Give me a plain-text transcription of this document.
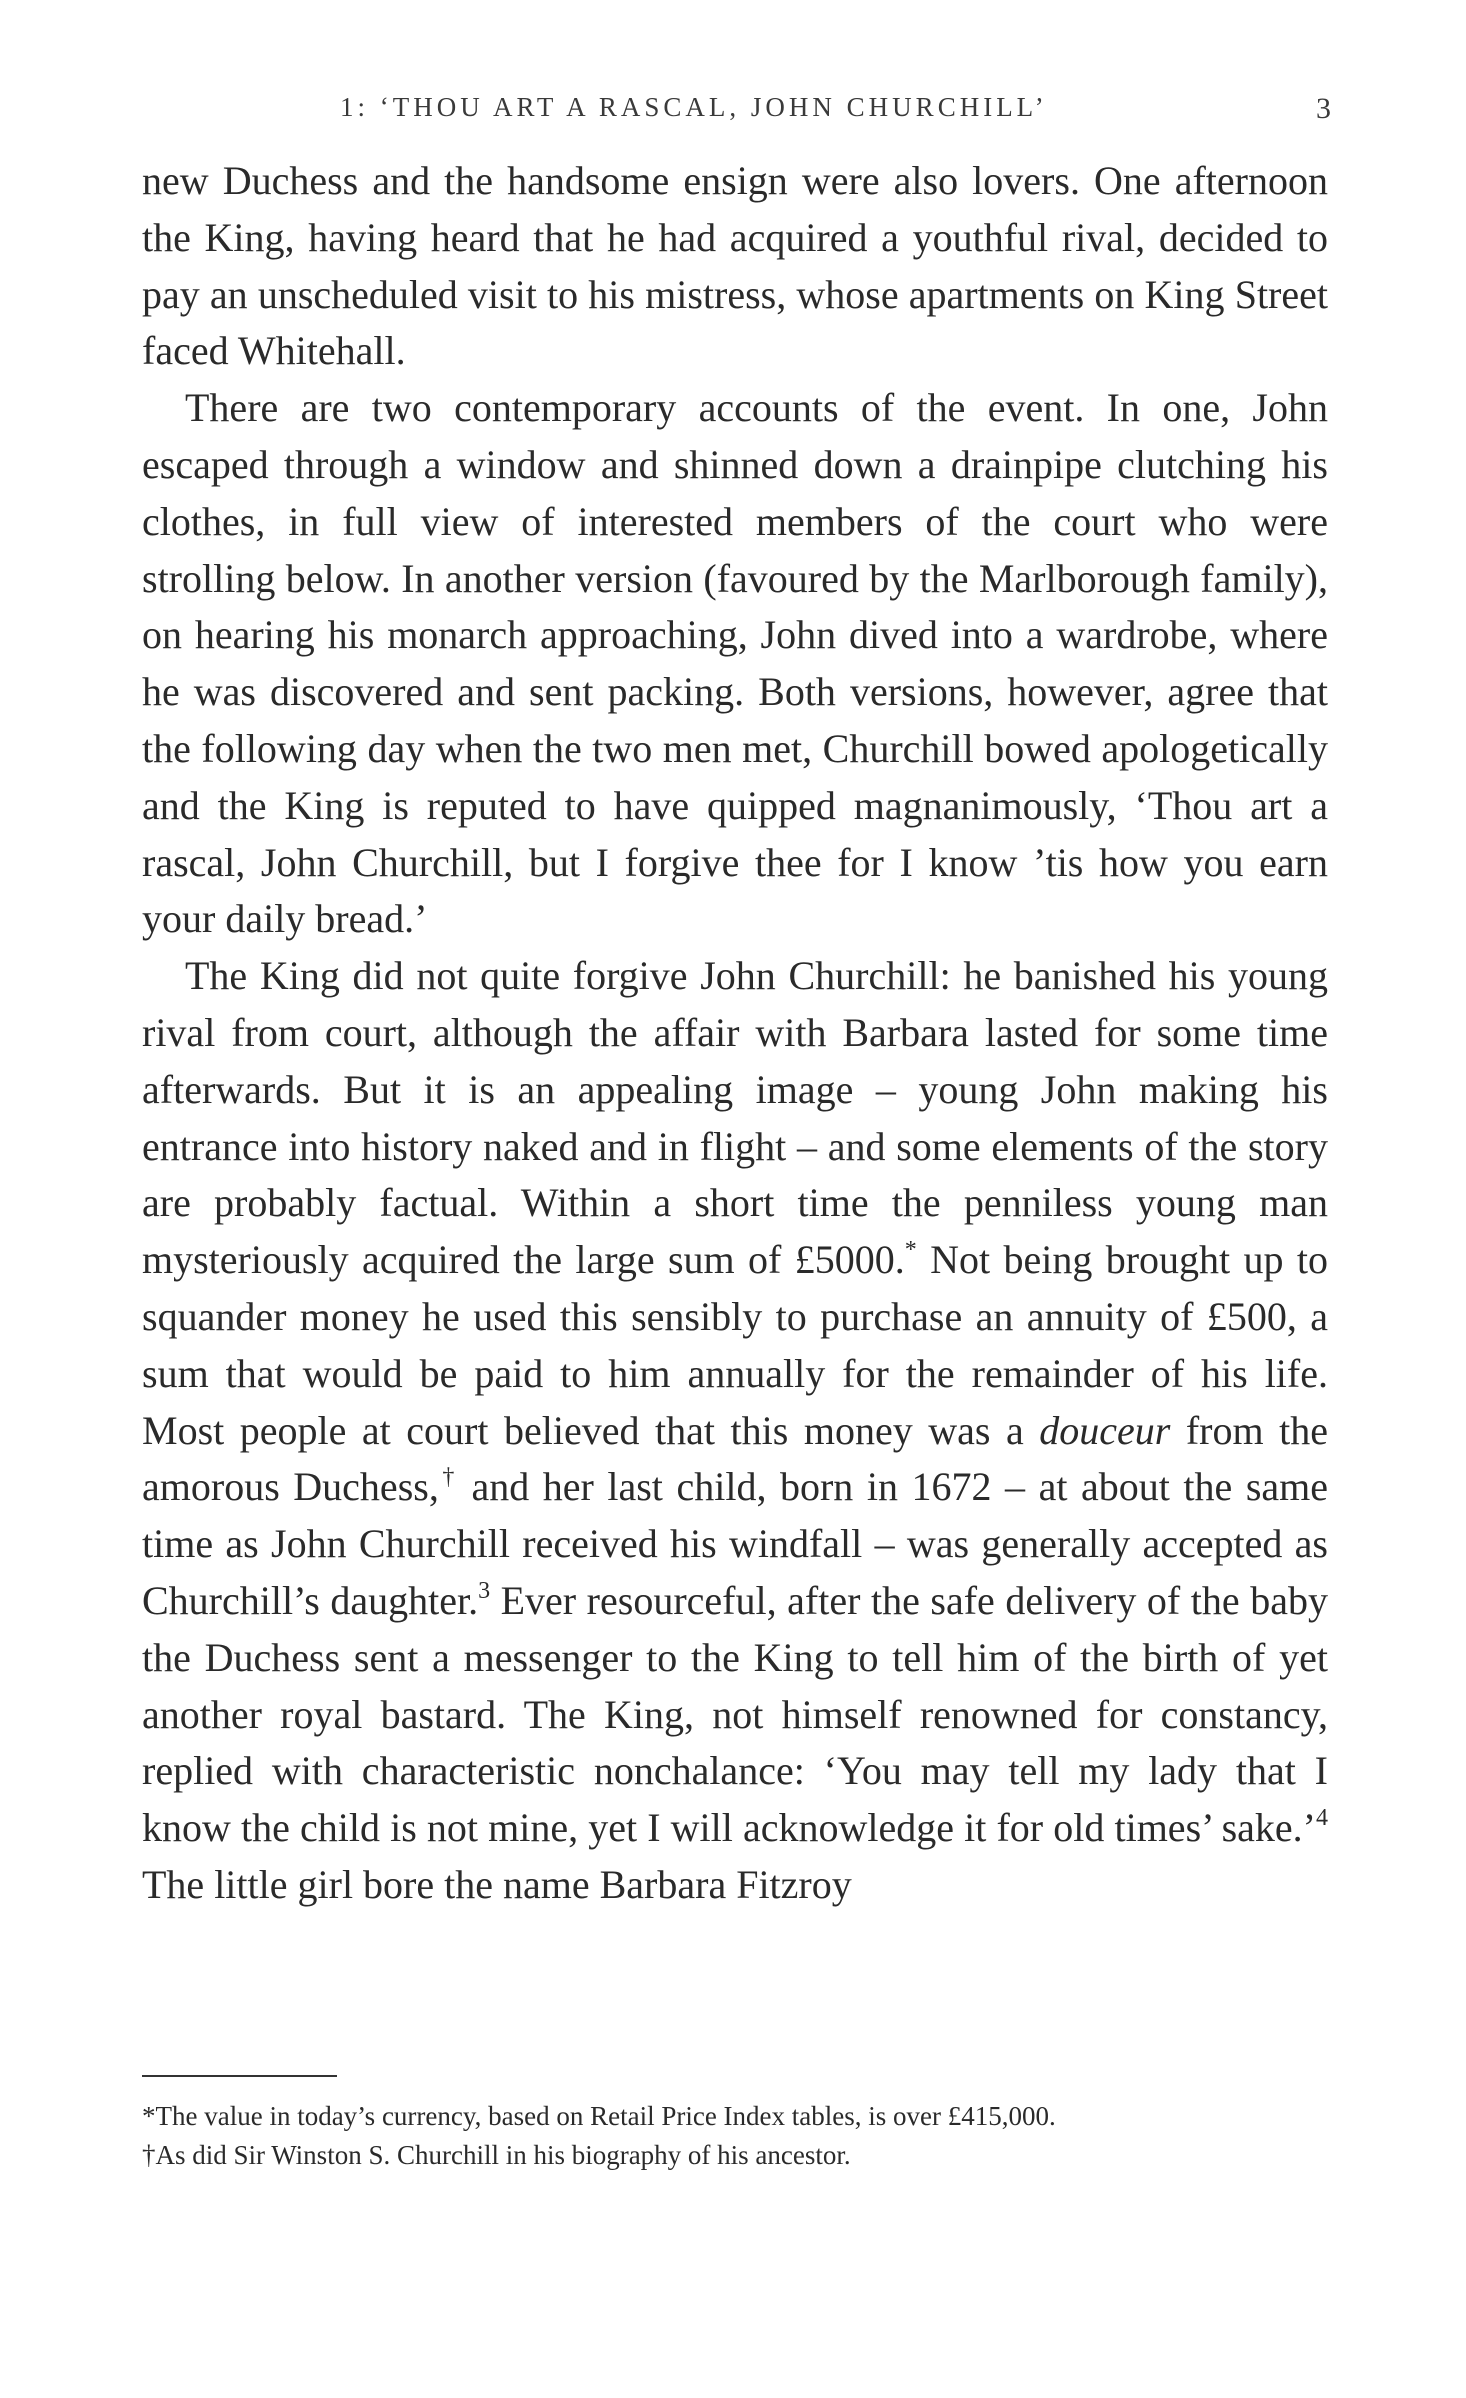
1: ‘THOU ART A RASCAL, JOHN CHURCHILL’	3

new Duchess and the handsome ensign were also lovers. One afternoon the King, having heard that he had acquired a youthful rival, decided to pay an unscheduled visit to his mistress, whose apartments on King Street faced Whitehall.

There are two contemporary accounts of the event. In one, John escaped through a window and shinned down a drainpipe clutching his clothes, in full view of interested members of the court who were strolling below. In another version (favoured by the Marlborough family), on hearing his monarch approaching, John dived into a wardrobe, where he was discovered and sent packing. Both versions, however, agree that the following day when the two men met, Churchill bowed apologetically and the King is reputed to have quipped magnanimously, ‘Thou art a rascal, John Churchill, but I forgive thee for I know ’tis how you earn your daily bread.’

The King did not quite forgive John Churchill: he banished his young rival from court, although the affair with Barbara lasted for some time afterwards. But it is an appealing image – young John making his entrance into history naked and in flight – and some elements of the story are probably factual. Within a short time the penniless young man mysteriously acquired the large sum of £5000.* Not being brought up to squander money he used this sensibly to purchase an annuity of £500, a sum that would be paid to him annually for the remainder of his life. Most people at court believed that this money was a douceur from the amorous Duchess,† and her last child, born in 1672 – at about the same time as John Churchill received his windfall – was generally accepted as Churchill’s daughter.$^3$ Ever resourceful, after the safe delivery of the baby the Duchess sent a messenger to the King to tell him of the birth of yet another royal bastard. The King, not himself renowned for constancy, replied with characteristic nonchalance: ‘You may tell my lady that I know the child is not mine, yet I will acknowledge it for old times’ sake.’$^4$ The little girl bore the name Barbara Fitzroy

*The value in today’s currency, based on Retail Price Index tables, is over £415,000.

†As did Sir Winston S. Churchill in his biography of his ancestor.
